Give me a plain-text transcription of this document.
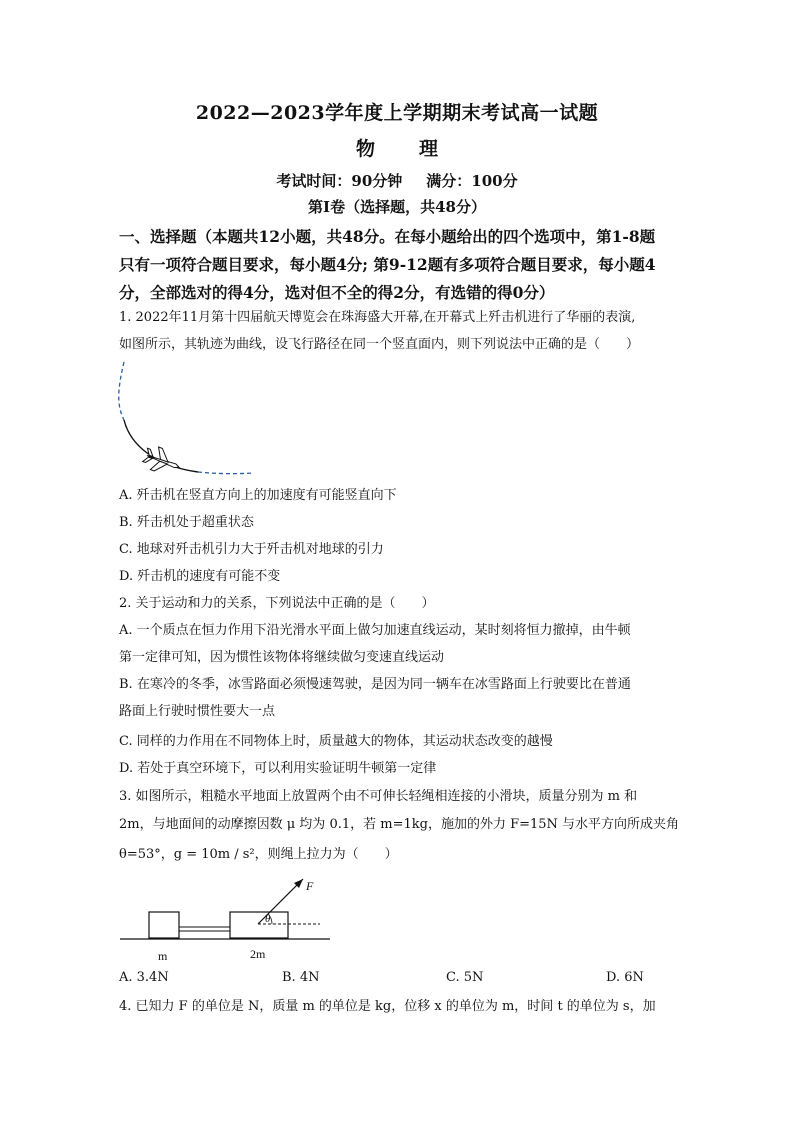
2022—2023学年度上学期期末考试高一试题
物 理
考试时间：90分钟 满分：100分
第Ⅰ卷（选择题，共48分）
一、选择题（本题共12小题，共48分。在每小题给出的四个选项中，第1-8题
只有一项符合题目要求，每小题4分; 第9-12题有多项符合题目要求，每小题4
分，全部选对的得4分，选对但不全的得2分，有选错的得0分）
1. 2022年11月第十四届航天博览会在珠海盛大开幕,在开幕式上歼击机进行了华丽的表演,
如图所示，其轨迹为曲线，设飞行路径在同一个竖直面内，则下列说法中正确的是（　　）
A. 歼击机在竖直方向上的加速度有可能竖直向下
B. 歼击机处于超重状态
C. 地球对歼击机引力大于歼击机对地球的引力
D. 歼击机的速度有可能不变
2. 关于运动和力的关系，下列说法中正确的是（　　）
A. 一个质点在恒力作用下沿光滑水平面上做匀加速直线运动，某时刻将恒力撤掉，由牛顿
第一定律可知，因为惯性该物体将继续做匀变速直线运动
B. 在寒冷的冬季，冰雪路面必须慢速驾驶，是因为同一辆车在冰雪路面上行驶要比在普通
路面上行驶时惯性要大一点
C. 同样的力作用在不同物体上时，质量越大的物体，其运动状态改变的越慢
D. 若处于真空环境下，可以利用实验证明牛顿第一定律
3. 如图所示，粗糙水平地面上放置两个由不可伸长轻绳相连接的小滑块，质量分别为 m 和
2m，与地面间的动摩擦因数 μ 均为 0.1，若 m=1kg，施加的外力 F=15N 与水平方向所成夹角
θ=53°，g = 10m / s²，则绳上拉力为（　　）
F
θ
m	2m
A. 3.4N	B. 4N	C. 5N	D. 6N
4. 已知力 F 的单位是 N，质量 m 的单位是 kg，位移 x 的单位为 m，时间 t 的单位为 s，加
